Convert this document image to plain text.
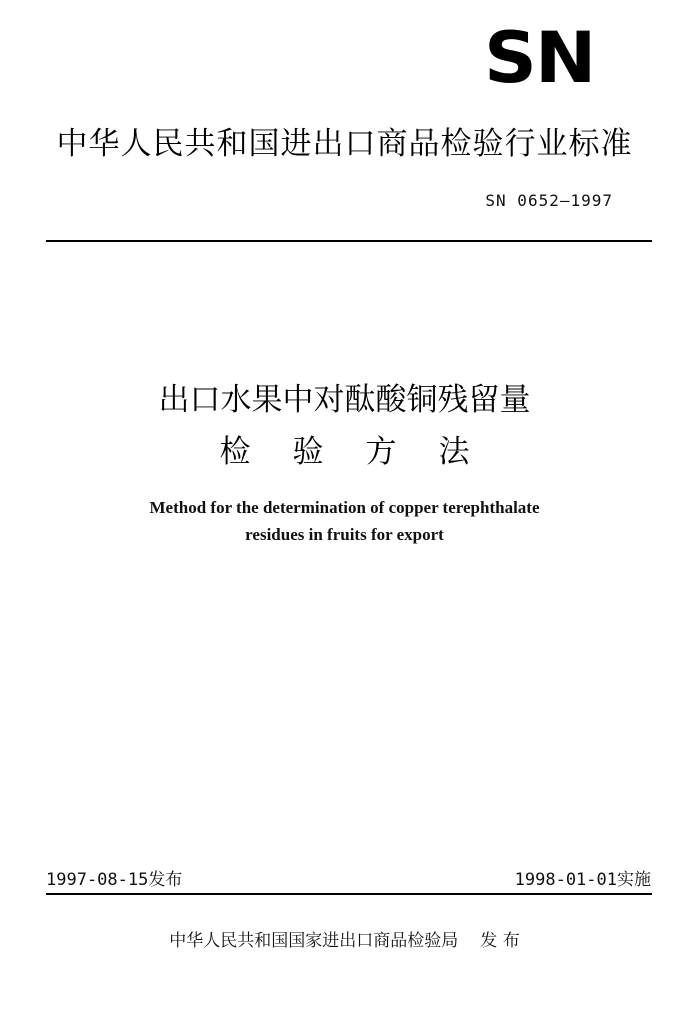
SN
中华人民共和国进出口商品检验行业标准
SN 0652—1997
出口水果中对酞酸铜残留量
检验方法
Method for the determination of copper terephthalate
residues in fruits for export
1997-08-15发布	1998-01-01实施
中华人民共和国国家进出口商品检验局 发 布
